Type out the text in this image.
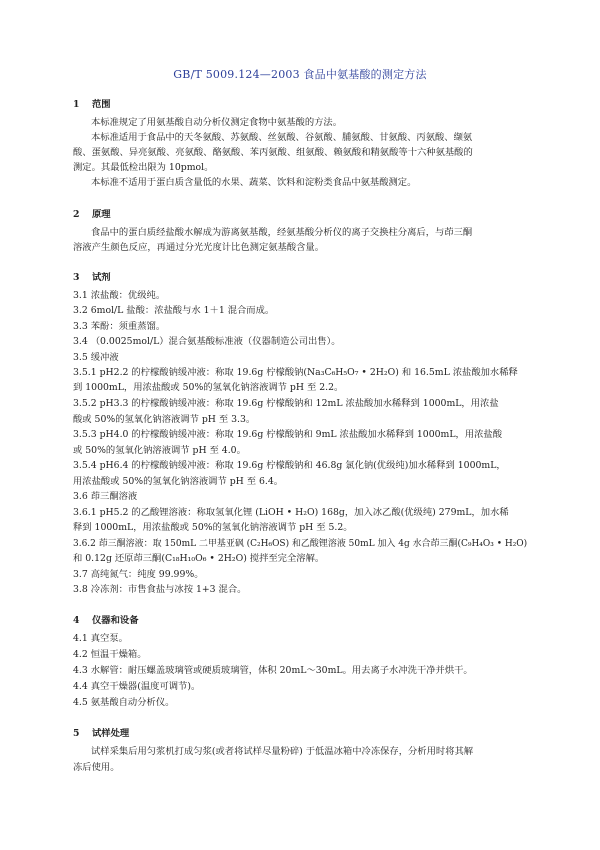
GB/T 5009.124—2003 食品中氨基酸的测定方法
1 范围
本标准规定了用氨基酸自动分析仪测定食物中氨基酸的方法。
本标准适用于食品中的天冬氨酸、苏氨酸、丝氨酸、谷氨酸、脯氨酸、甘氨酸、丙氨酸、缬氨
酸、蛋氨酸、异亮氨酸、亮氨酸、酪氨酸、苯丙氨酸、组氨酸、赖氨酸和精氨酸等十六种氨基酸的
测定。其最低检出限为 10pmol。
本标准不适用于蛋白质含量低的水果、蔬菜、饮料和淀粉类食品中氨基酸测定。
2 原理
食品中的蛋白质经盐酸水解成为游离氨基酸，经氨基酸分析仪的离子交换柱分离后，与茚三酮
溶液产生颜色反应，再通过分光光度计比色测定氨基酸含量。
3 试剂
3.1 浓盐酸：优级纯。
3.2 6mol/L 盐酸：浓盐酸与水 1＋1 混合而成。
3.3 苯酚：须重蒸馏。
3.4 （0.0025mol/L）混合氨基酸标准液（仪器制造公司出售）。
3.5 缓冲液
3.5.1 pH2.2 的柠檬酸钠缓冲液：称取 19.6g 柠檬酸钠(Na₃C₆H₅O₇ • 2H₂O) 和 16.5mL 浓盐酸加水稀释
到 1000mL，用浓盐酸或 50%的氢氧化钠溶液调节 pH 至 2.2。
3.5.2 pH3.3 的柠檬酸钠缓冲液：称取 19.6g 柠檬酸钠和 12mL 浓盐酸加水稀释到 1000mL，用浓盐
酸或 50%的氢氧化钠溶液调节 pH 至 3.3。
3.5.3 pH4.0 的柠檬酸钠缓冲液：称取 19.6g 柠檬酸钠和 9mL 浓盐酸加水稀释到 1000mL，用浓盐酸
或 50%的氢氧化钠溶液调节 pH 至 4.0。
3.5.4 pH6.4 的柠檬酸钠缓冲液：称取 19.6g 柠檬酸钠和 46.8g 氯化钠(优级纯)加水稀释到 1000mL，
用浓盐酸或 50%的氢氧化钠溶液调节 pH 至 6.4。
3.6 茚三酮溶液
3.6.1 pH5.2 的乙酸锂溶液：称取氢氧化锂 (LiOH • H₂O) 168g，加入冰乙酸(优级纯) 279mL，加水稀
释到 1000mL，用浓盐酸或 50%的氢氧化钠溶液调节 pH 至 5.2。
3.6.2 茚三酮溶液：取 150mL 二甲基亚砜 (C₂H₆OS) 和乙酸锂溶液 50mL 加入 4g 水合茚三酮(C₉H₄O₃ • H₂O)
和 0.12g 还原茚三酮(C₁₈H₁₀O₆ • 2H₂O) 搅拌至完全溶解。
3.7 高纯氮气：纯度 99.99%。
3.8 冷冻剂：市售食盐与冰按 1+3 混合。
4 仪器和设备
4.1 真空泵。
4.2 恒温干燥箱。
4.3 水解管：耐压螺盖玻璃管或硬质玻璃管，体积 20mL～30mL。用去离子水冲洗干净并烘干。
4.4 真空干燥器(温度可调节)。
4.5 氨基酸自动分析仪。
5 试样处理
试样采集后用匀浆机打成匀浆(或者将试样尽量粉碎) 于低温冰箱中冷冻保存，分析用时将其解
冻后使用。
